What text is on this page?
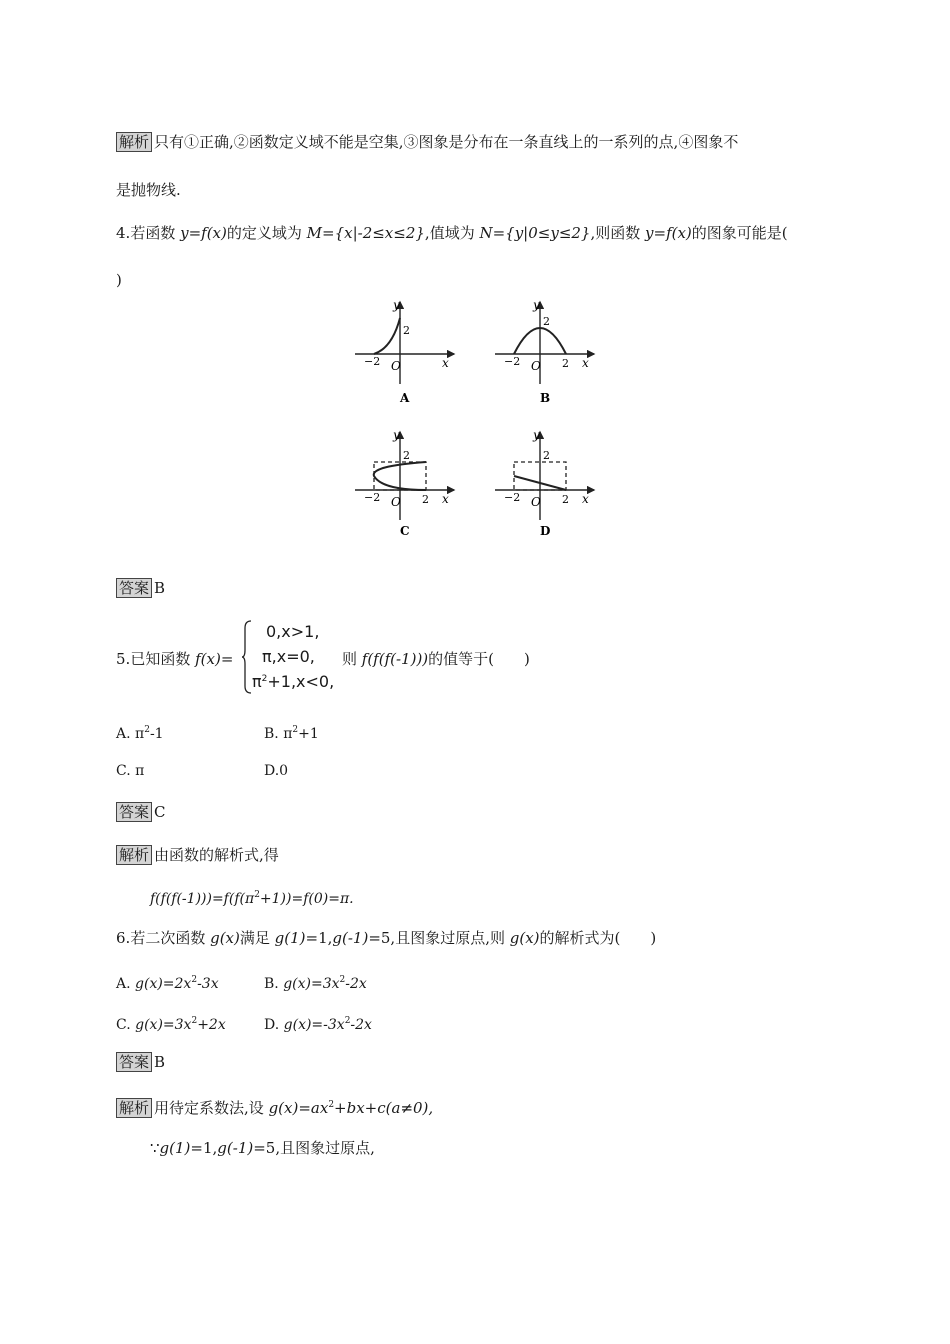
解析 只有①正确,②函数定义域不能是空集,③图象是分布在一条直线上的一系列的点,④图象不
是抛物线.
4.若函数 y=f(x)的定义域为 M={x|-2≤x≤2},值域为 N={y|0≤y≤2},则函数 y=f(x)的图象可能是(
)
y
x
O
−2
2
A
y
x
O
−2	2
2
B
y
x
O
−2	2
2
C
y
x
O
−2	2
2
D
答案 B
5.已知函数 f(x)=
0,x>1,
π,x=0,
$\pi^2+1,x<0$,
则 f(f(f(-1)))的值等于(　　)
A. $\pi^2-1$	B. $\pi^2+1$
C. π	D.0
答案 C
解析 由函数的解析式,得
$f(f(f(-1)))=f(f(\pi^2+1))=f(0)=\pi$.
6.若二次函数 g(x)满足 g(1)=1,g(-1)=5,且图象过原点,则 g(x)的解析式为(　　)
A. $g(x)=2x^2-3x$	B. $g(x)=3x^2-2x$
C. $g(x)=3x^2+2x$	D. $g(x)=-3x^2-2x$
答案 B
解析 用待定系数法,设 $g(x)=ax^2+bx+c(a\ne 0)$,
∵g(1)=1,g(-1)=5,且图象过原点,
